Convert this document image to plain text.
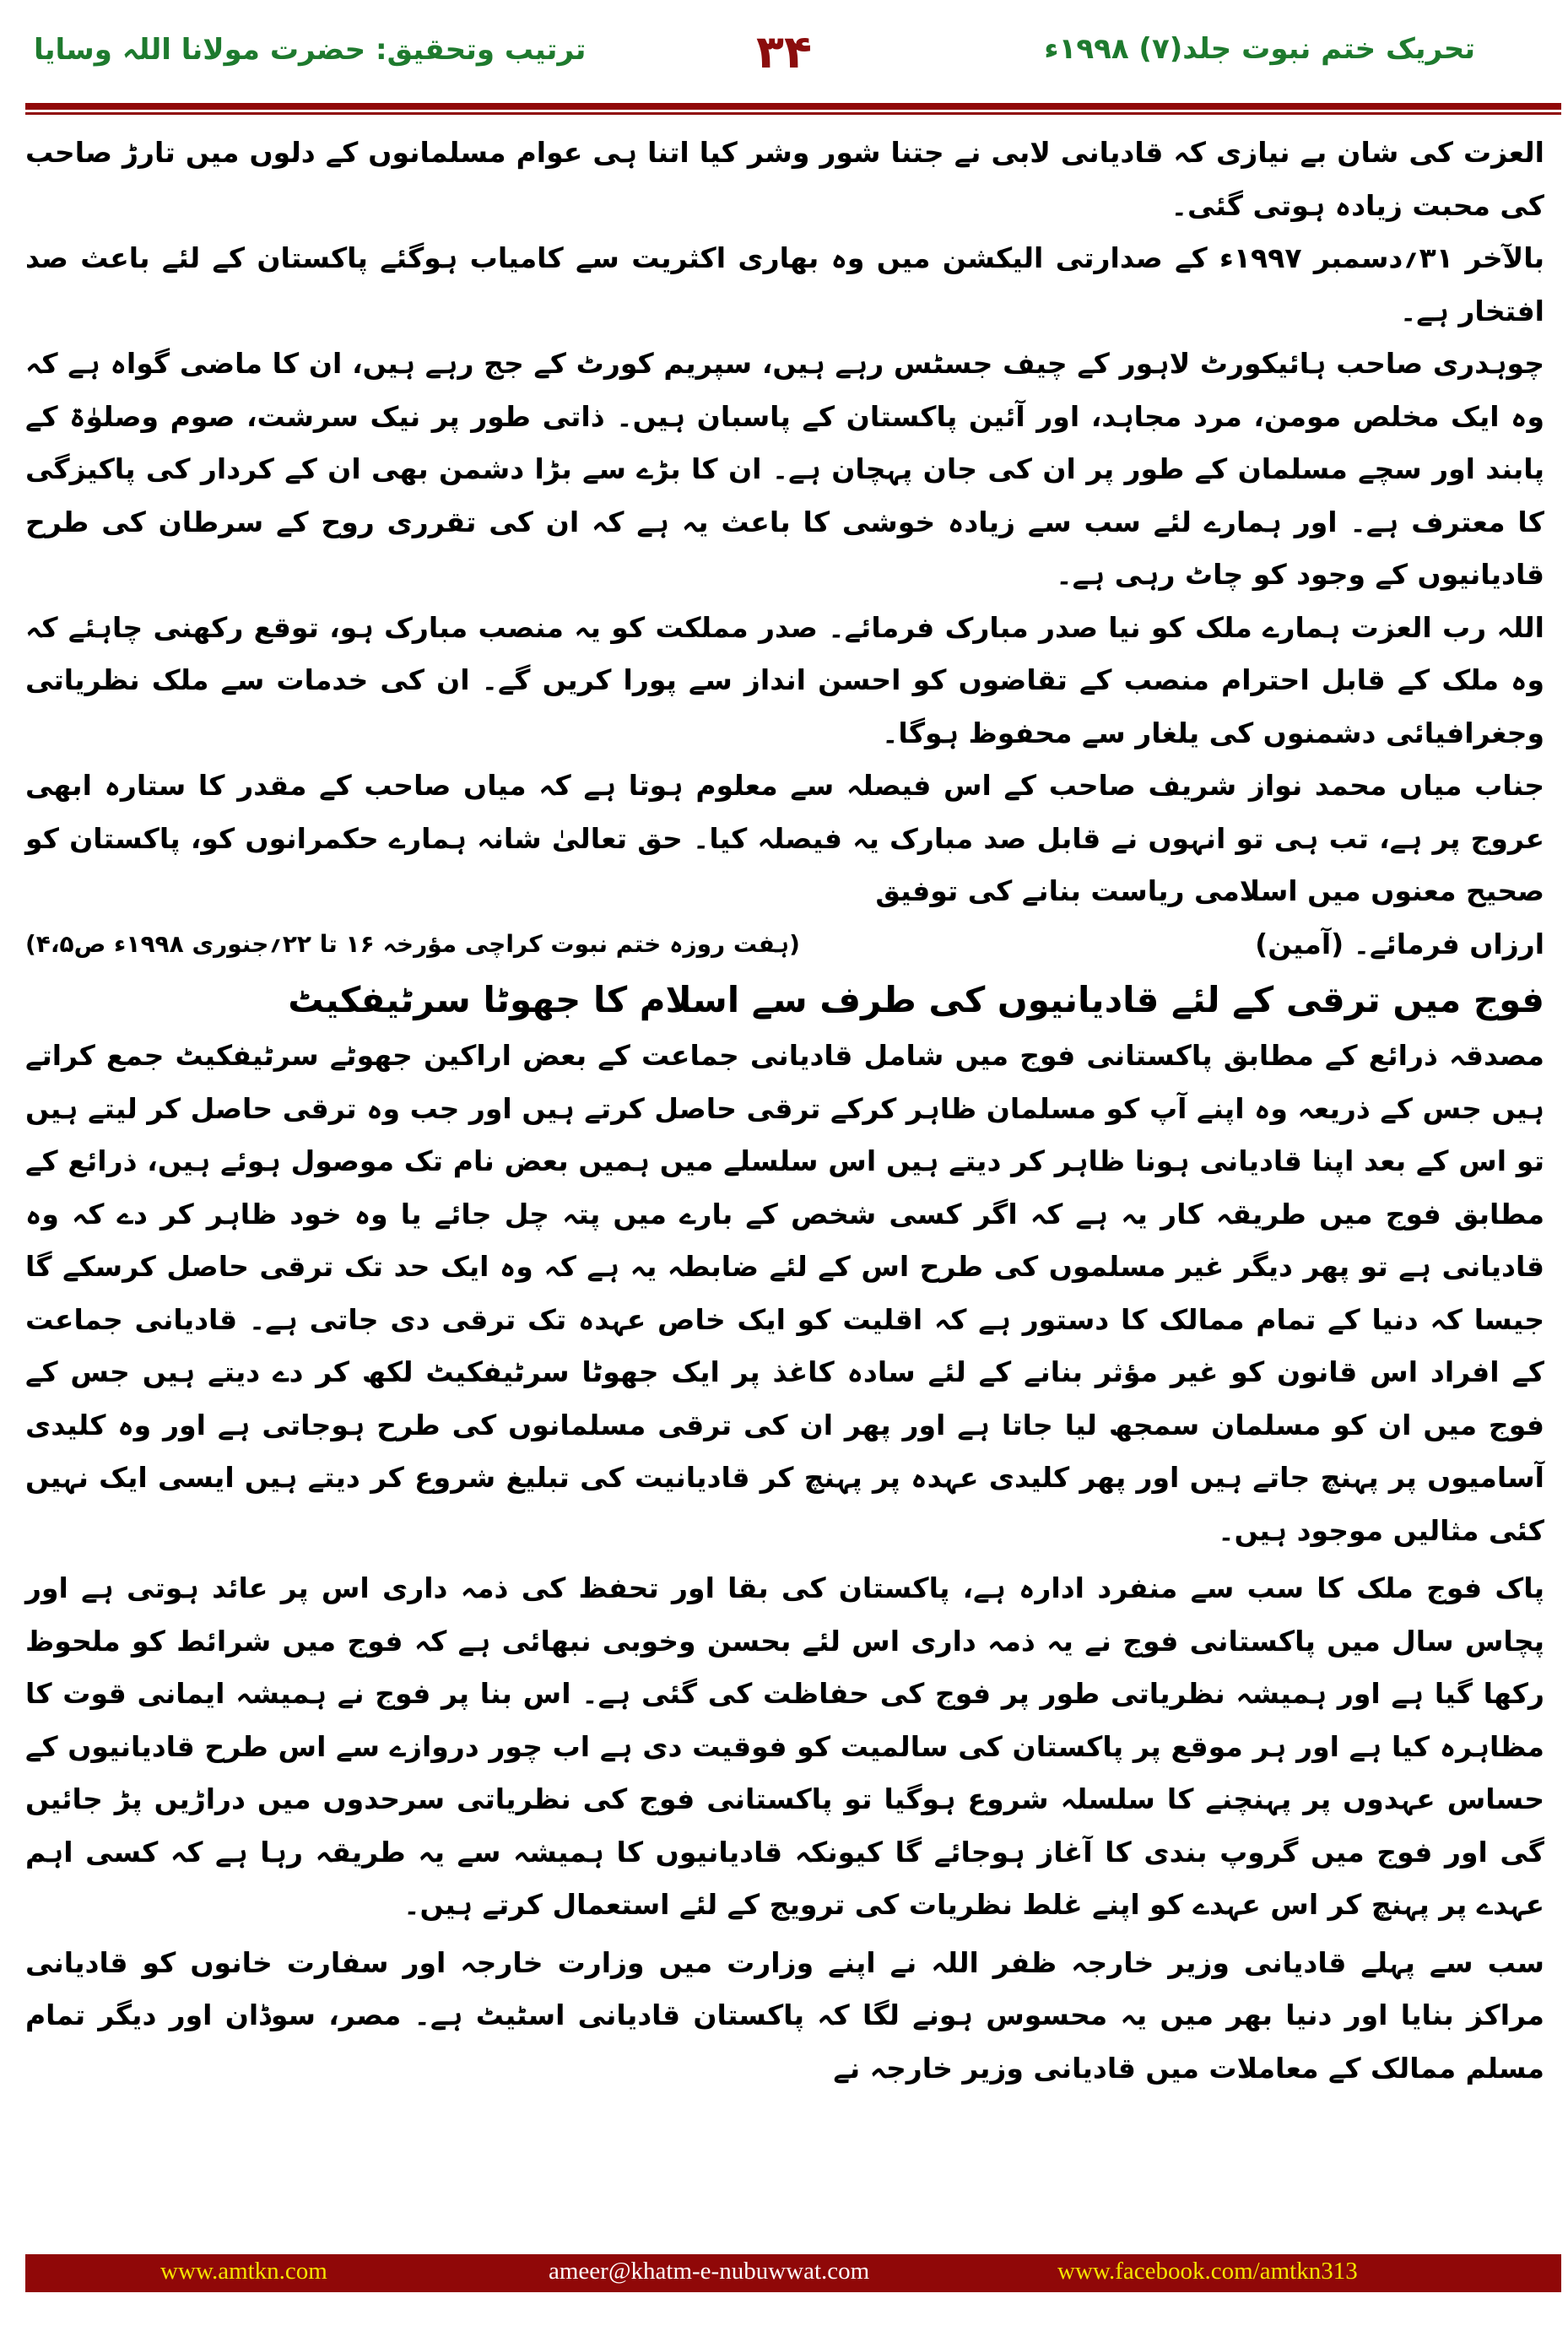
تحریک ختم نبوت جلد(۷) ۱۹۹۸ء
۳۴
ترتیب وتحقیق: حضرت مولانا اللہ وسایا

العزت کی شان بے نیازی کہ قادیانی لابی نے جتنا شور وشر کیا اتنا ہی عوام مسلمانوں کے دلوں میں تارڑ صاحب کی محبت زیادہ ہوتی گئی۔

بالآخر ۳۱؍دسمبر ۱۹۹۷ء کے صدارتی الیکشن میں وہ بھاری اکثریت سے کامیاب ہوگئے پاکستان کے لئے باعث صد افتخار ہے۔

چوہدری صاحب ہائیکورٹ لاہور کے چیف جسٹس رہے ہیں، سپریم کورٹ کے جج رہے ہیں، ان کا ماضی گواہ ہے کہ وہ ایک مخلص مومن، مرد مجاہد، اور آئین پاکستان کے پاسبان ہیں۔ ذاتی طور پر نیک سرشت، صوم وصلوٰۃ کے پابند اور سچے مسلمان کے طور پر ان کی جان پہچان ہے۔ ان کا بڑے سے بڑا دشمن بھی ان کے کردار کی پاکیزگی کا معترف ہے۔ اور ہمارے لئے سب سے زیادہ خوشی کا باعث یہ ہے کہ ان کی تقرری روح کے سرطان کی طرح قادیانیوں کے وجود کو چاٹ رہی ہے۔

اللہ رب العزت ہمارے ملک کو نیا صدر مبارک فرمائے۔ صدر مملکت کو یہ منصب مبارک ہو، توقع رکھنی چاہئے کہ وہ ملک کے قابل احترام منصب کے تقاضوں کو احسن انداز سے پورا کریں گے۔ ان کی خدمات سے ملک نظریاتی وجغرافیائی دشمنوں کی یلغار سے محفوظ ہوگا۔

جناب میاں محمد نواز شریف صاحب کے اس فیصلہ سے معلوم ہوتا ہے کہ میاں صاحب کے مقدر کا ستارہ ابھی عروج پر ہے، تب ہی تو انہوں نے قابل صد مبارک یہ فیصلہ کیا۔ حق تعالیٰ شانہ ہمارے حکمرانوں کو، پاکستان کو صحیح معنوں میں اسلامی ریاست بنانے کی توفیق

ارزاں فرمائے۔ (آمین)
(ہفت روزہ ختم نبوت کراچی مؤرخہ ۱۶ تا ۲۲؍جنوری ۱۹۹۸ء ص۴،۵)
فوج میں ترقی کے لئے قادیانیوں کی طرف سے اسلام کا جھوٹا سرٹیفکیٹ

مصدقہ ذرائع کے مطابق پاکستانی فوج میں شامل قادیانی جماعت کے بعض اراکین جھوٹے سرٹیفکیٹ جمع کراتے ہیں جس کے ذریعہ وہ اپنے آپ کو مسلمان ظاہر کرکے ترقی حاصل کرتے ہیں اور جب وہ ترقی حاصل کر لیتے ہیں تو اس کے بعد اپنا قادیانی ہونا ظاہر کر دیتے ہیں اس سلسلے میں ہمیں بعض نام تک موصول ہوئے ہیں، ذرائع کے مطابق فوج میں طریقہ کار یہ ہے کہ اگر کسی شخص کے بارے میں پتہ چل جائے یا وہ خود ظاہر کر دے کہ وہ قادیانی ہے تو پھر دیگر غیر مسلموں کی طرح اس کے لئے ضابطہ یہ ہے کہ وہ ایک حد تک ترقی حاصل کرسکے گا جیسا کہ دنیا کے تمام ممالک کا دستور ہے کہ اقلیت کو ایک خاص عہدہ تک ترقی دی جاتی ہے۔ قادیانی جماعت کے افراد اس قانون کو غیر مؤثر بنانے کے لئے سادہ کاغذ پر ایک جھوٹا سرٹیفکیٹ لکھ کر دے دیتے ہیں جس کے فوج میں ان کو مسلمان سمجھ لیا جاتا ہے اور پھر ان کی ترقی مسلمانوں کی طرح ہوجاتی ہے اور وہ کلیدی آسامیوں پر پہنچ جاتے ہیں اور پھر کلیدی عہدہ پر پہنچ کر قادیانیت کی تبلیغ شروع کر دیتے ہیں ایسی ایک نہیں کئی مثالیں موجود ہیں۔

پاک فوج ملک کا سب سے منفرد ادارہ ہے، پاکستان کی بقا اور تحفظ کی ذمہ داری اس پر عائد ہوتی ہے اور پچاس سال میں پاکستانی فوج نے یہ ذمہ داری اس لئے بحسن وخوبی نبھائی ہے کہ فوج میں شرائط کو ملحوظ رکھا گیا ہے اور ہمیشہ نظریاتی طور پر فوج کی حفاظت کی گئی ہے۔ اس بنا پر فوج نے ہمیشہ ایمانی قوت کا مظاہرہ کیا ہے اور ہر موقع پر پاکستان کی سالمیت کو فوقیت دی ہے اب چور دروازے سے اس طرح قادیانیوں کے حساس عہدوں پر پہنچنے کا سلسلہ شروع ہوگیا تو پاکستانی فوج کی نظریاتی سرحدوں میں دراڑیں پڑ جائیں گی اور فوج میں گروپ بندی کا آغاز ہوجائے گا کیونکہ قادیانیوں کا ہمیشہ سے یہ طریقہ رہا ہے کہ کسی اہم عہدے پر پہنچ کر اس عہدے کو اپنے غلط نظریات کی ترویج کے لئے استعمال کرتے ہیں۔

سب سے پہلے قادیانی وزیر خارجہ ظفر اللہ نے اپنے وزارت میں وزارت خارجہ اور سفارت خانوں کو قادیانی مراکز بنایا اور دنیا بھر میں یہ محسوس ہونے لگا کہ پاکستان قادیانی اسٹیٹ ہے۔ مصر، سوڈان اور دیگر تمام مسلم ممالک کے معاملات میں قادیانی وزیر خارجہ نے

www.amtkn.com	ameer@khatm-e-nubuwwat.com	www.facebook.com/amtkn313
